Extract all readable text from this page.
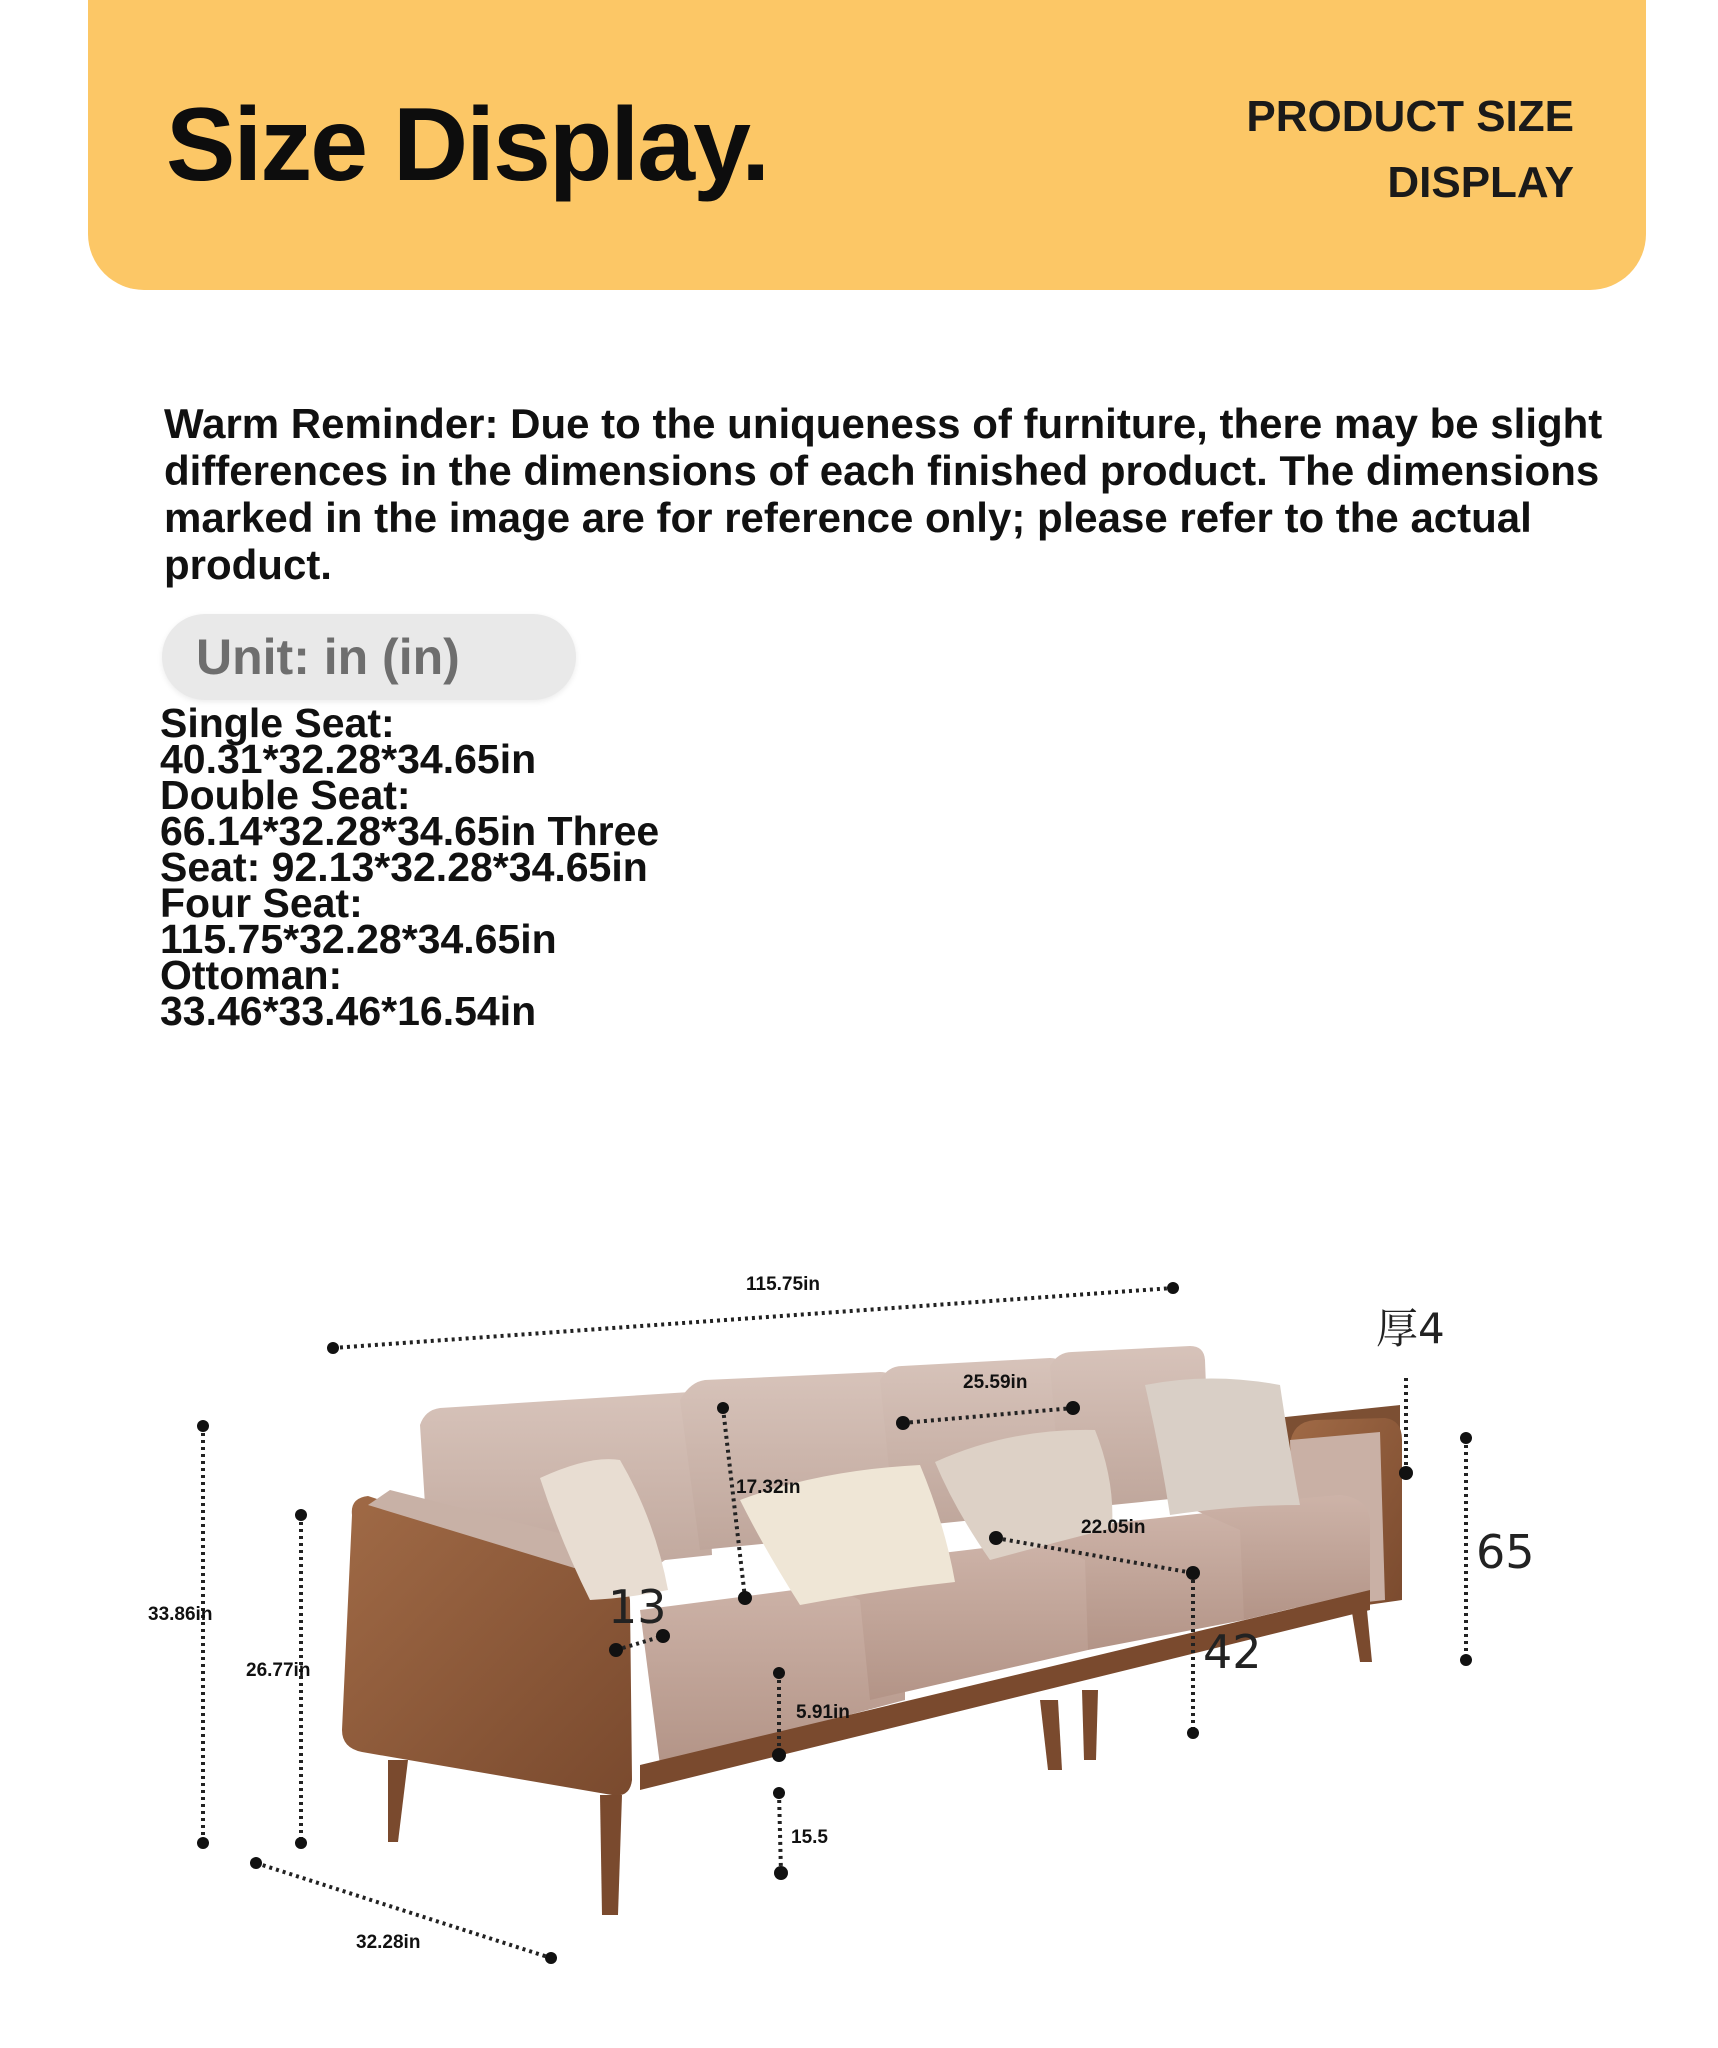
Size Display.	PRODUCT SIZE
DISPLAY
Warm Reminder: Due to the uniqueness of furniture, there may be slight
differences in the dimensions of each finished product. The dimensions
marked in the image are for reference only; please refer to the actual product.
Unit: in (in)
Single Seat:
40.31*32.28*34.65in
Double Seat:
66.14*32.28*34.65in Three
Seat: 92.13*32.28*34.65in
Four Seat:
115.75*32.28*34.65in
Ottoman:
33.46*33.46*16.54in
115.75in
25.59in
厚4
65
17.32in
22.05in
13
33.86in
26.77in
5.91in
42
15.5
32.28in
